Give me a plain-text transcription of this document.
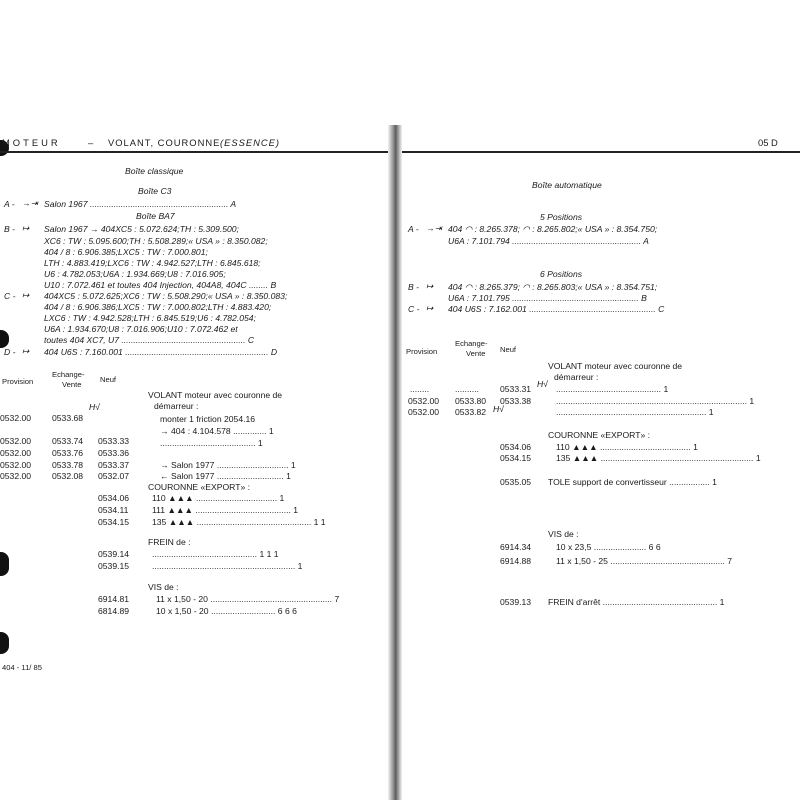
MOTEUR	– VOLANT, COURONNE (ESSENCE)	05 D
Boîte classique
Boîte C3
A - →⇥ Salon 1967 .......................................................... A
Boîte BA7
B - ↦ Salon 1967 → 404XC5 : 5.072.624;TH : 5.309.500;
XC6 : TW : 5.095.600;TH : 5.508.289;« USA » : 8.350.082;
404 / 8 : 6.906.385;LXC5 : TW : 7.000.801;
LTH : 4.883.419;LXC6 : TW : 4.942.527;LTH : 6.845.618;
U6 : 4.782.053;U6A : 1.934.669;U8 : 7.016.905;
U10 : 7.072.461 et toutes 404 Injection, 404A8, 404C ........ B
C - ↦ 404XC5 : 5.072.625;XC6 : TW : 5.508.290;« USA » : 8.350.083;
404 / 8 : 6.906.386;LXC5 : TW : 7.000.802;LTH : 4.883.420;
LXC6 : TW : 4.942.528;LTH : 6.845.519;U6 : 4.782.054;
U6A : 1.934.670;U8 : 7.016.906;U10 : 7.072.462 et
toutes 404 XC7, U7 .................................................... C
D - ↦ 404 U6S : 7.160.001 ............................................................ D
Provision
Echange-
Vente
Neuf
VOLANT moteur avec couronne de
démarreur :
monter 1 friction 2054.16
0532.00 0533.68
H√
0532.00 0533.74 0533.33
→ 404 : 4.104.578 .............. 1
........................................ 1
0532.00 0533.76 0533.36
0532.00 0533.78 0533.37	→ Salon 1977 .............................. 1
0532.00 0532.08 0532.07	← Salon 1977 ............................ 1
COURONNE «EXPORT» :
0534.06	110 ▲▲▲ .................................. 1
0534.11	111 ▲▲▲ ........................................ 1
0534.15	135 ▲▲▲ ................................................ 1 1
FREIN de :
0539.14	............................................ 1 1 1
0539.15	............................................................ 1
VIS de :
6914.81	11 x 1,50 - 20 ................................................... 7
6814.89	10 x 1,50 - 20 ........................... 6 6 6
404 - 11/ 85
Boîte automatique
5 Positions
A - →⇥ 404 ◠ : 8.265.378; ◠ : 8.265.802;« USA » : 8.354.750;
U6A : 7.101.794 ...................................................... A
6 Positions
B - ↦ 404 ◠ : 8.265.379; ◠ : 8.265.803;« USA » : 8.354.751;
U6A : 7.101.795 ..................................................... B
C - ↦ 404 U6S : 7.162.001 ..................................................... C
Provision
Echange-
Vente Neuf
VOLANT moteur avec couronne de
démarreur :
........	.......... 0533.31 H√ ............................................ 1
0532.00 0533.80 0533.38	................................................................................ 1
0532.00 0533.82 H√	............................................................... 1
COURONNE «EXPORT» :
0534.06	110 ▲▲▲ ...................................... 1
0534.15	135 ▲▲▲ ................................................................ 1
0535.05 TOLE support de convertisseur ................. 1
VIS de :
6914.34	10 x 23,5 ...................... 6 6
6914.88	11 x 1,50 - 25 ................................................ 7
0539.13 FREIN d'arrêt ................................................ 1
